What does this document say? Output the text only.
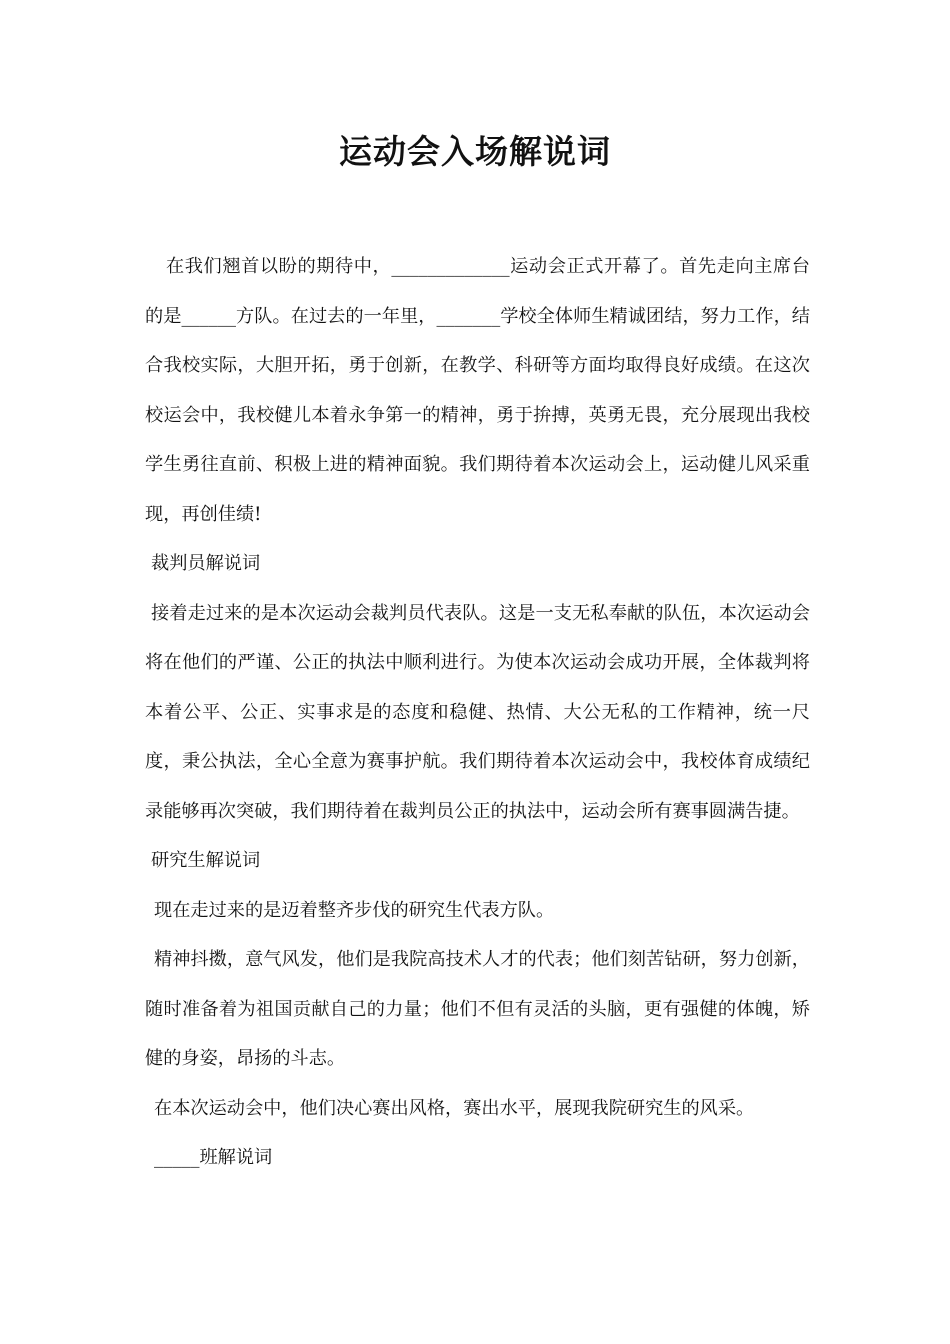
运动会入场解说词

在我们翘首以盼的期待中，_____________运动会正式开幕了。首先走向主席台的是______方队。在过去的一年里，_______学校全体师生精诚团结，努力工作，结合我校实际，大胆开拓，勇于创新，在教学、科研等方面均取得良好成绩。在这次校运会中，我校健儿本着永争第一的精神，勇于拚搏，英勇无畏，充分展现出我校学生勇往直前、积极上进的精神面貌。我们期待着本次运动会上，运动健儿风采重现，再创佳绩!

裁判员解说词

接着走过来的是本次运动会裁判员代表队。这是一支无私奉献的队伍，本次运动会将在他们的严谨、公正的执法中顺利进行。为使本次运动会成功开展，全体裁判将本着公平、公正、实事求是的态度和稳健、热情、大公无私的工作精神，统一尺度，秉公执法，全心全意为赛事护航。我们期待着本次运动会中，我校体育成绩纪录能够再次突破，我们期待着在裁判员公正的执法中，运动会所有赛事圆满告捷。

研究生解说词

现在走过来的是迈着整齐步伐的研究生代表方队。

精神抖擞，意气风发，他们是我院高技术人才的代表；他们刻苦钻研，努力创新，随时准备着为祖国贡献自己的力量；他们不但有灵活的头脑，更有强健的体魄，矫健的身姿，昂扬的斗志。

在本次运动会中，他们决心赛出风格，赛出水平，展现我院研究生的风采。

_____班解说词
